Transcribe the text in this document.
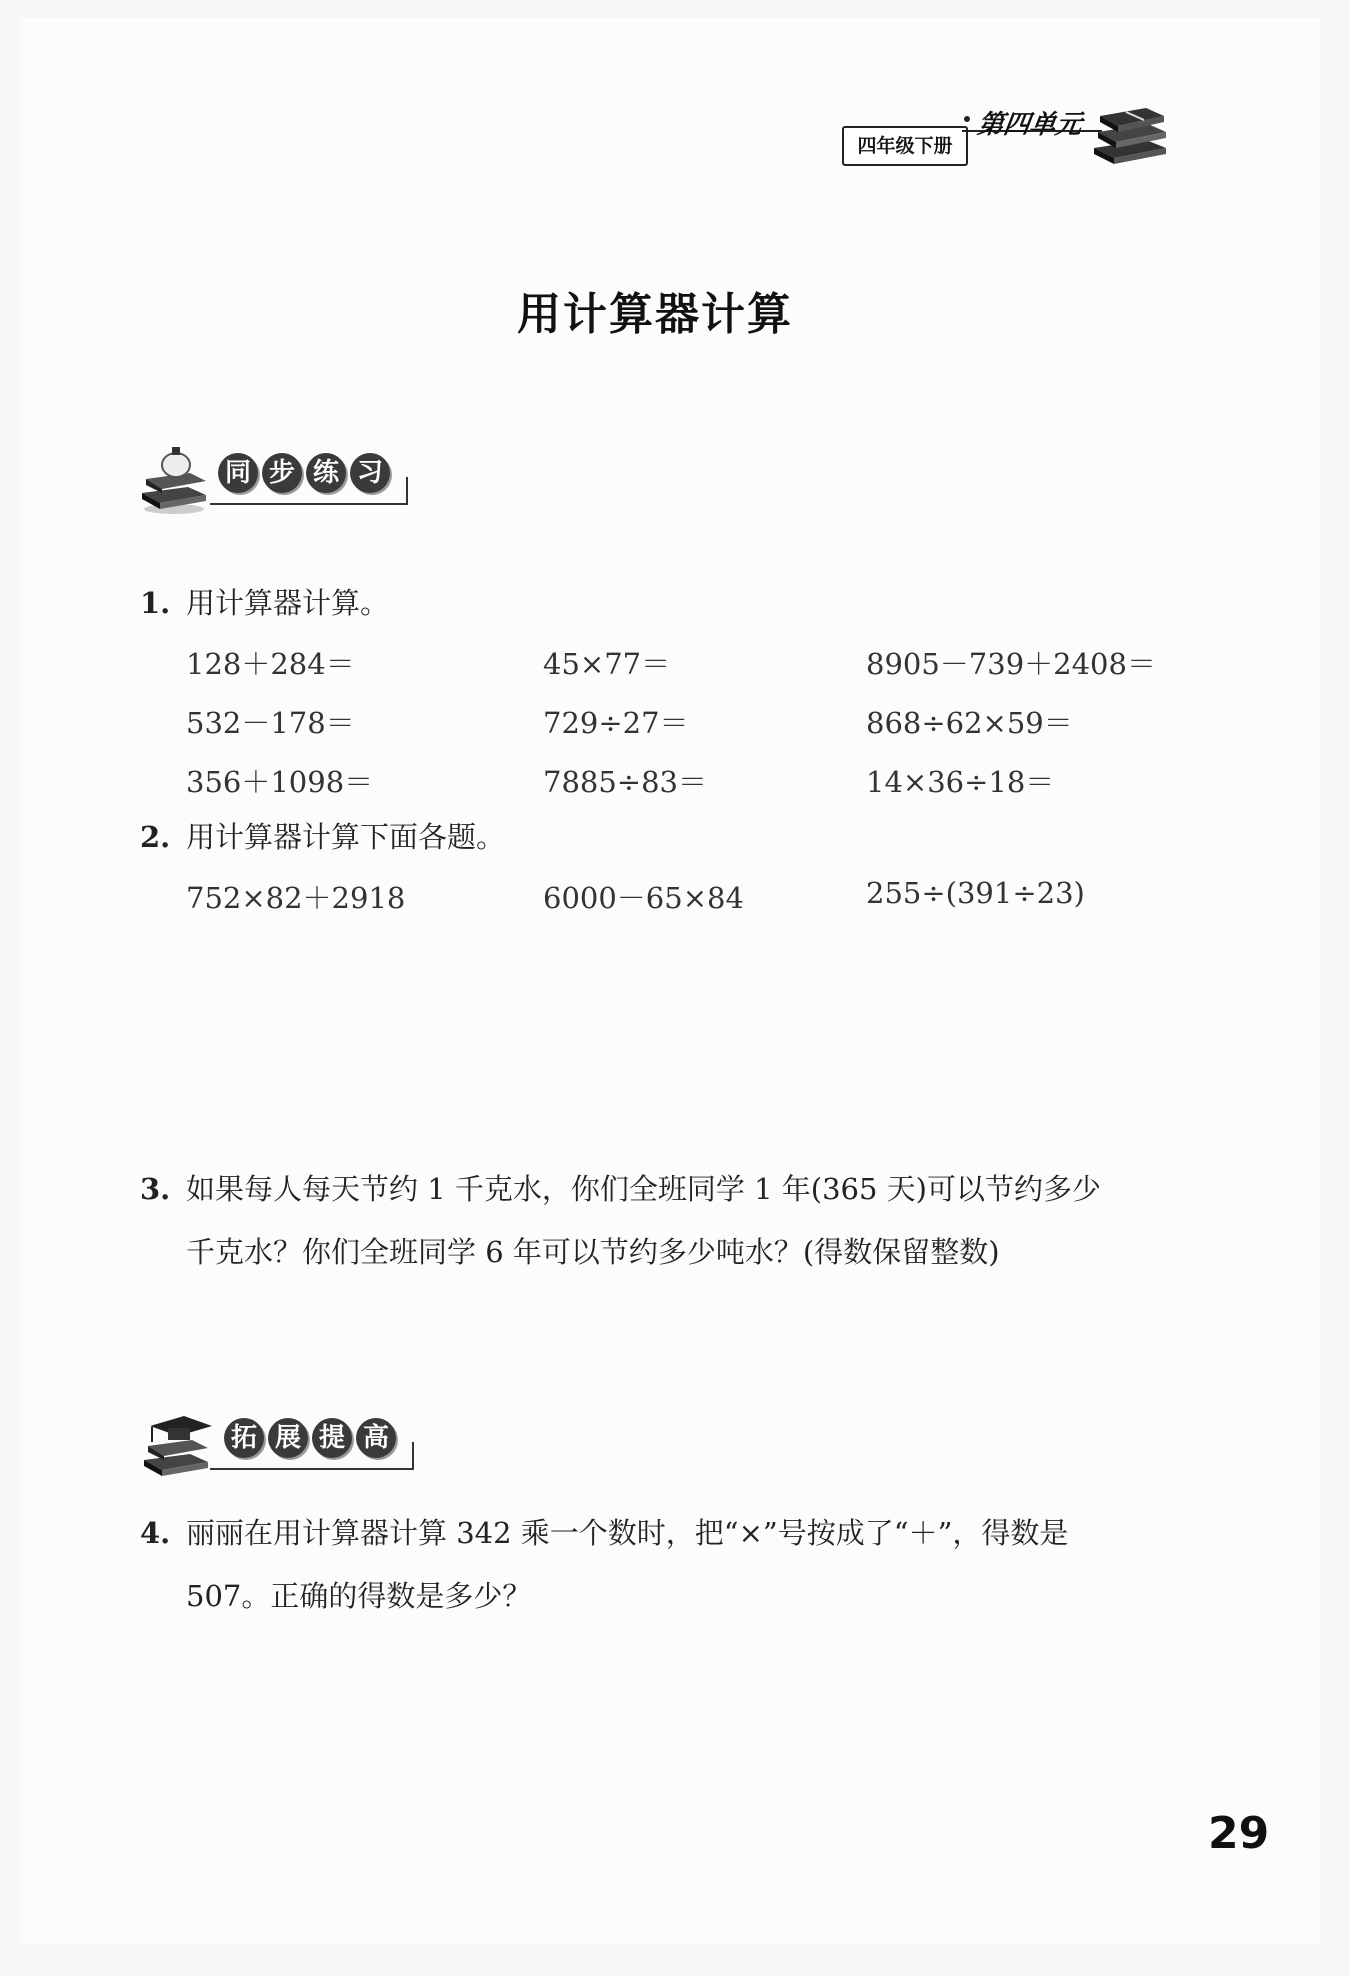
四年级下册
第四单元
用计算器计算
同 步 练 习
1. 用计算器计算。
128＋284＝	45×77＝	8905－739＋2408＝
532－178＝	729÷27＝	868÷62×59＝
356＋1098＝	7885÷83＝	14×36÷18＝
2. 用计算器计算下面各题。
752×82＋2918	6000－65×84	255÷(391÷23)
3. 如果每人每天节约 1 千克水，你们全班同学 1 年(365 天)可以节约多少
千克水？你们全班同学 6 年可以节约多少吨水？(得数保留整数)
拓 展 提 高
4. 丽丽在用计算器计算 342 乘一个数时，把“×”号按成了“＋”，得数是
507。正确的得数是多少？
29
